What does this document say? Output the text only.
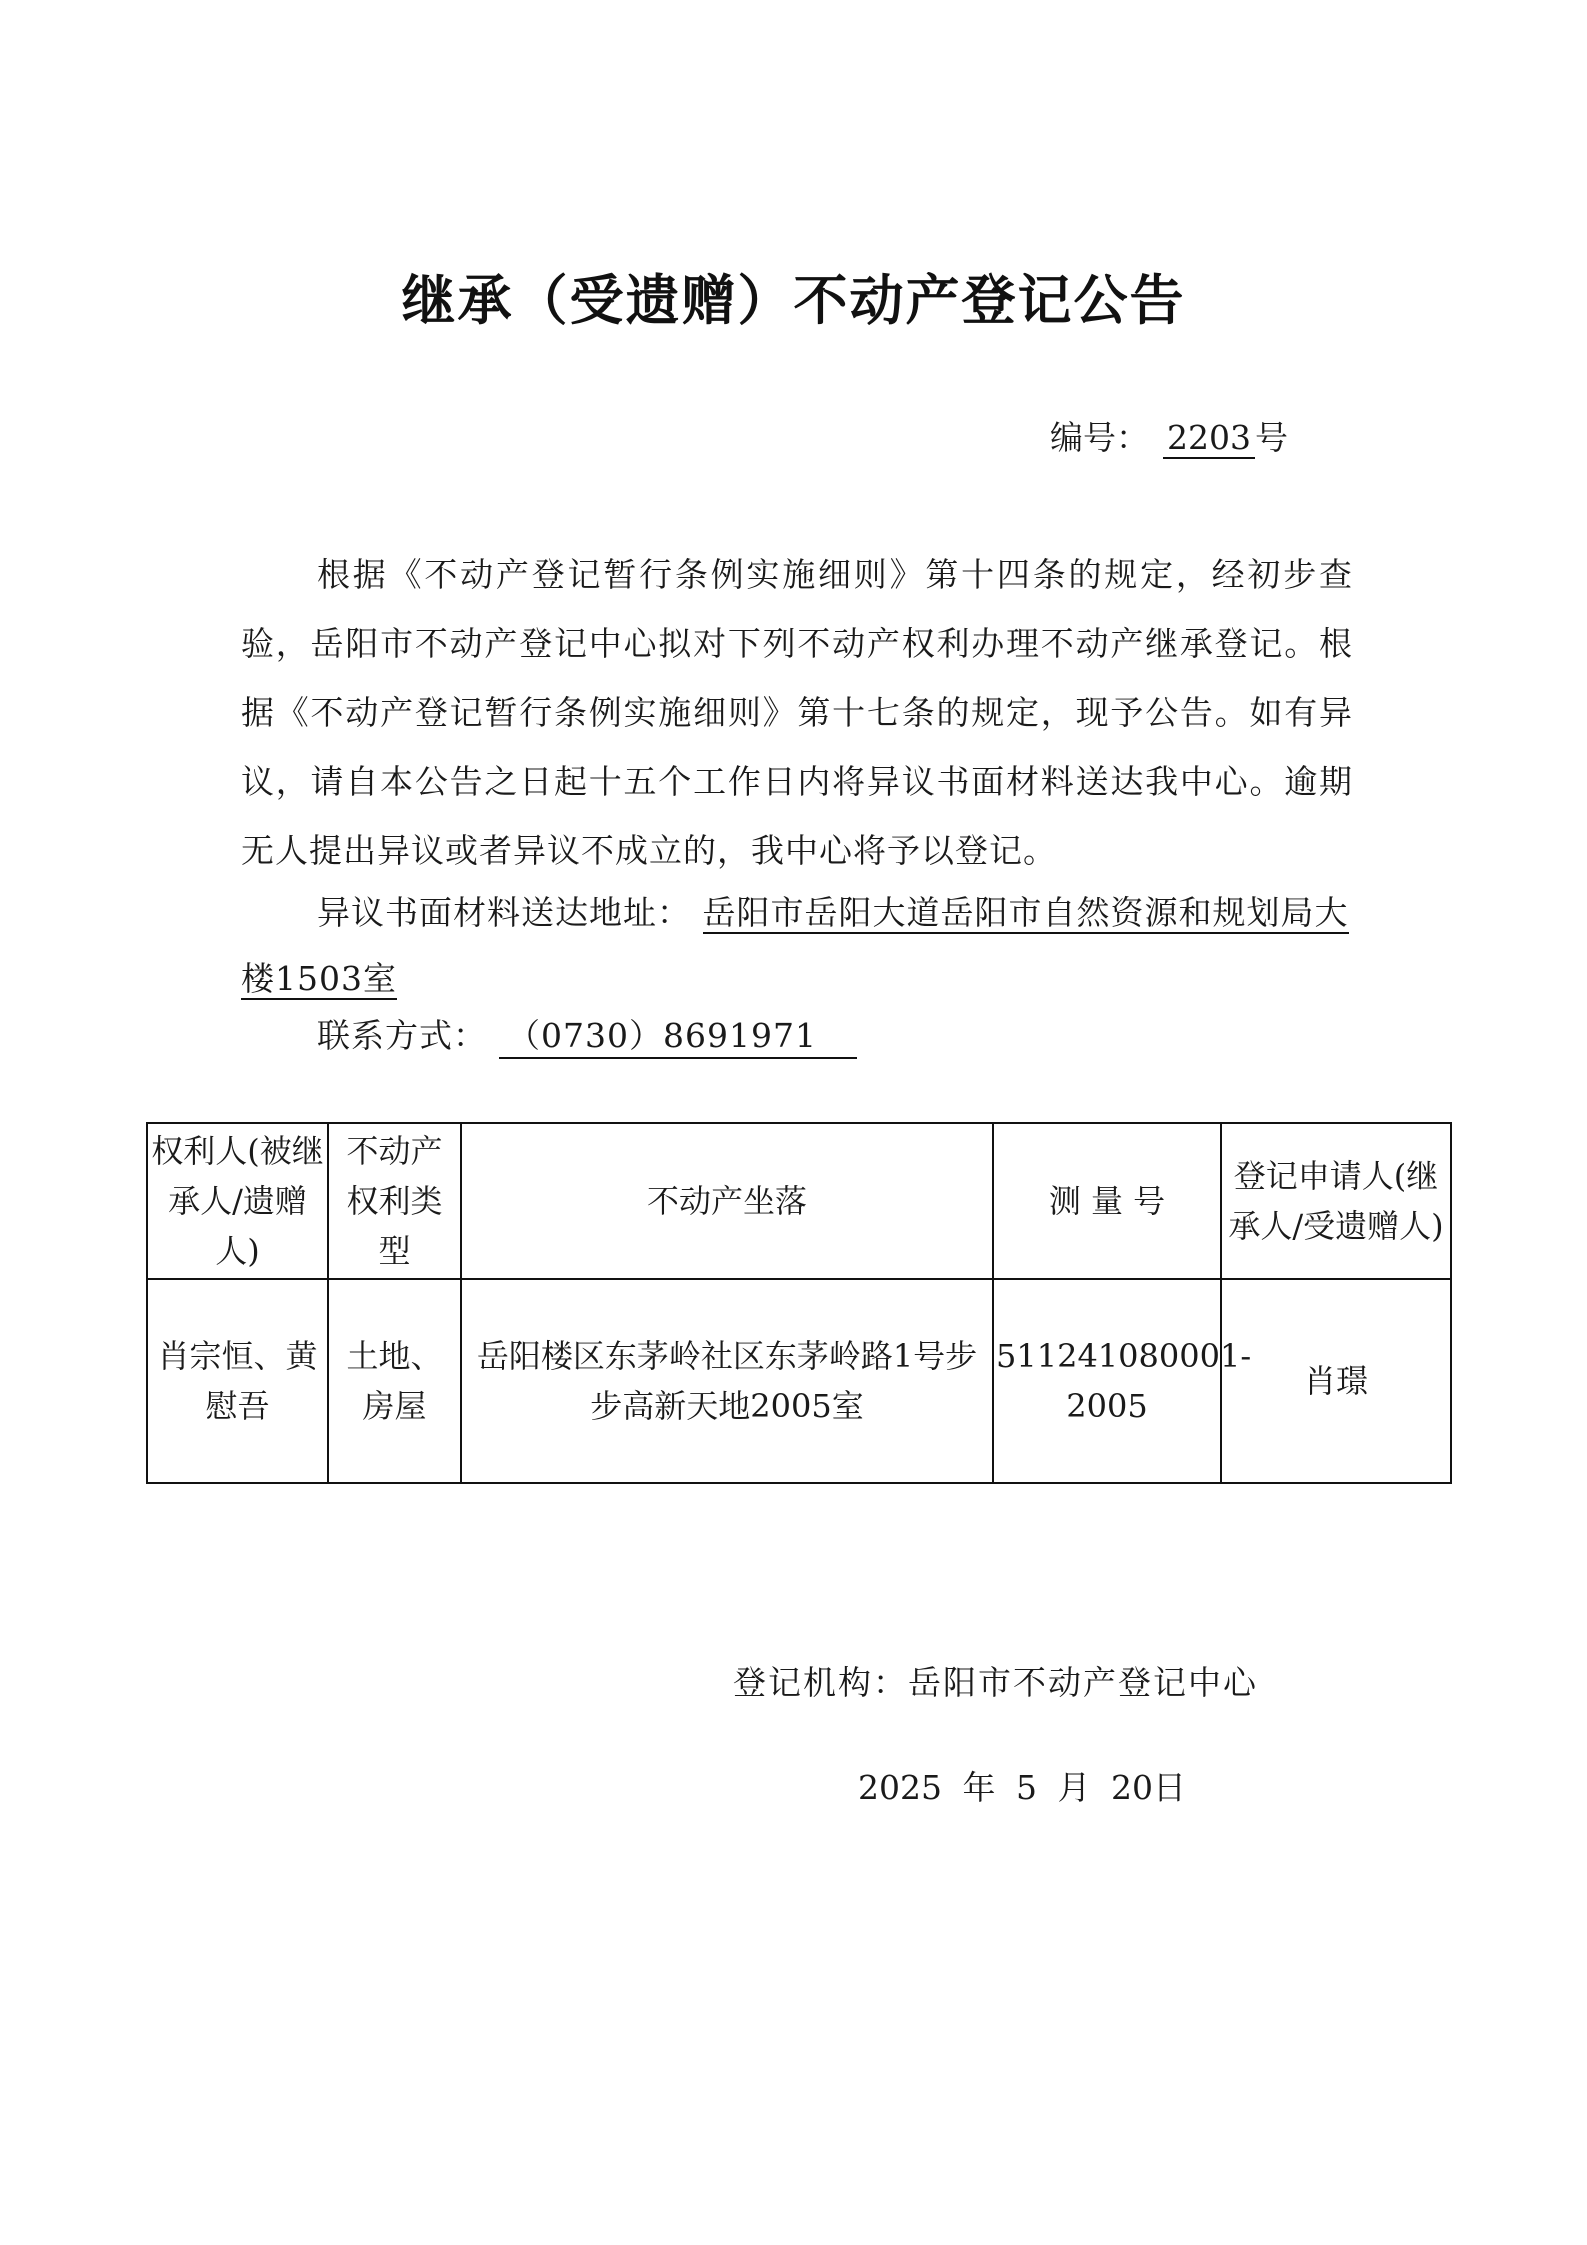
继承（受遗赠）不动产登记公告
编号： 2203 号

根据《不动产登记暂行条例实施细则》第十四条的规定，经初步查验，岳阳市不动产登记中心拟对下列不动产权利办理不动产继承登记。根据《不动产登记暂行条例实施细则》第十七条的规定，现予公告。如有异议，请自本公告之日起十五个工作日内将异议书面材料送达我中心。逾期无人提出异议或者异议不成立的，我中心将予以登记。

异议书面材料送达地址： 岳阳市岳阳大道岳阳市自然资源和规划局大楼1503室
联系方式： （0730）8691971
权利人(被继承人/遗赠人)	不动产权利类型	不动产坐落	测 量 号	登记申请人(继承人/受遗赠人)
肖宗恒、黄慰吾	土地、房屋	岳阳楼区东茅岭社区东茅岭路1号步步高新天地2005室	511241080001-2005	肖璟
登记机构：岳阳市不动产登记中心
2025 年 5 月 20日
